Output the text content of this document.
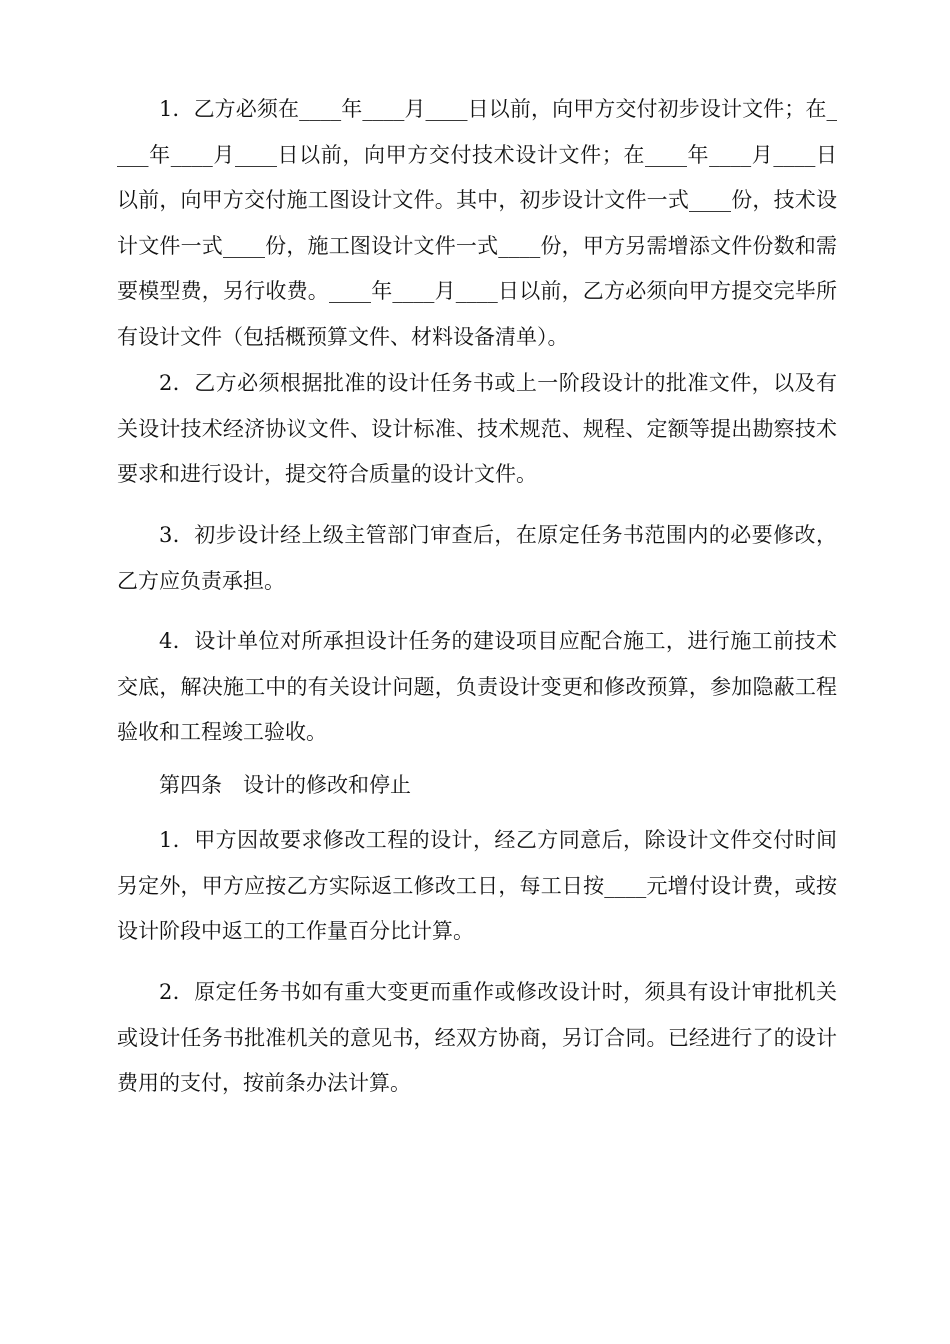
1．乙方必须在____年____月____日以前，向甲方交付初步设计文件；在____年____月____日以前，向甲方交付技术设计文件；在____年____月____日以前，向甲方交付施工图设计文件。其中，初步设计文件一式____份，技术设计文件一式____份，施工图设计文件一式____份，甲方另需增添文件份数和需要模型费，另行收费。____年____月____日以前，乙方必须向甲方提交完毕所有设计文件（包括概预算文件、材料设备清单）。

2．乙方必须根据批准的设计任务书或上一阶段设计的批准文件，以及有关设计技术经济协议文件、设计标准、技术规范、规程、定额等提出勘察技术要求和进行设计，提交符合质量的设计文件。

3．初步设计经上级主管部门审查后，在原定任务书范围内的必要修改，乙方应负责承担。

4．设计单位对所承担设计任务的建设项目应配合施工，进行施工前技术交底，解决施工中的有关设计问题，负责设计变更和修改预算，参加隐蔽工程验收和工程竣工验收。

第四条　设计的修改和停止

1．甲方因故要求修改工程的设计，经乙方同意后，除设计文件交付时间另定外，甲方应按乙方实际返工修改工日，每工日按____元增付设计费，或按设计阶段中返工的工作量百分比计算。

2．原定任务书如有重大变更而重作或修改设计时，须具有设计审批机关或设计任务书批准机关的意见书，经双方协商，另订合同。已经进行了的设计费用的支付，按前条办法计算。
